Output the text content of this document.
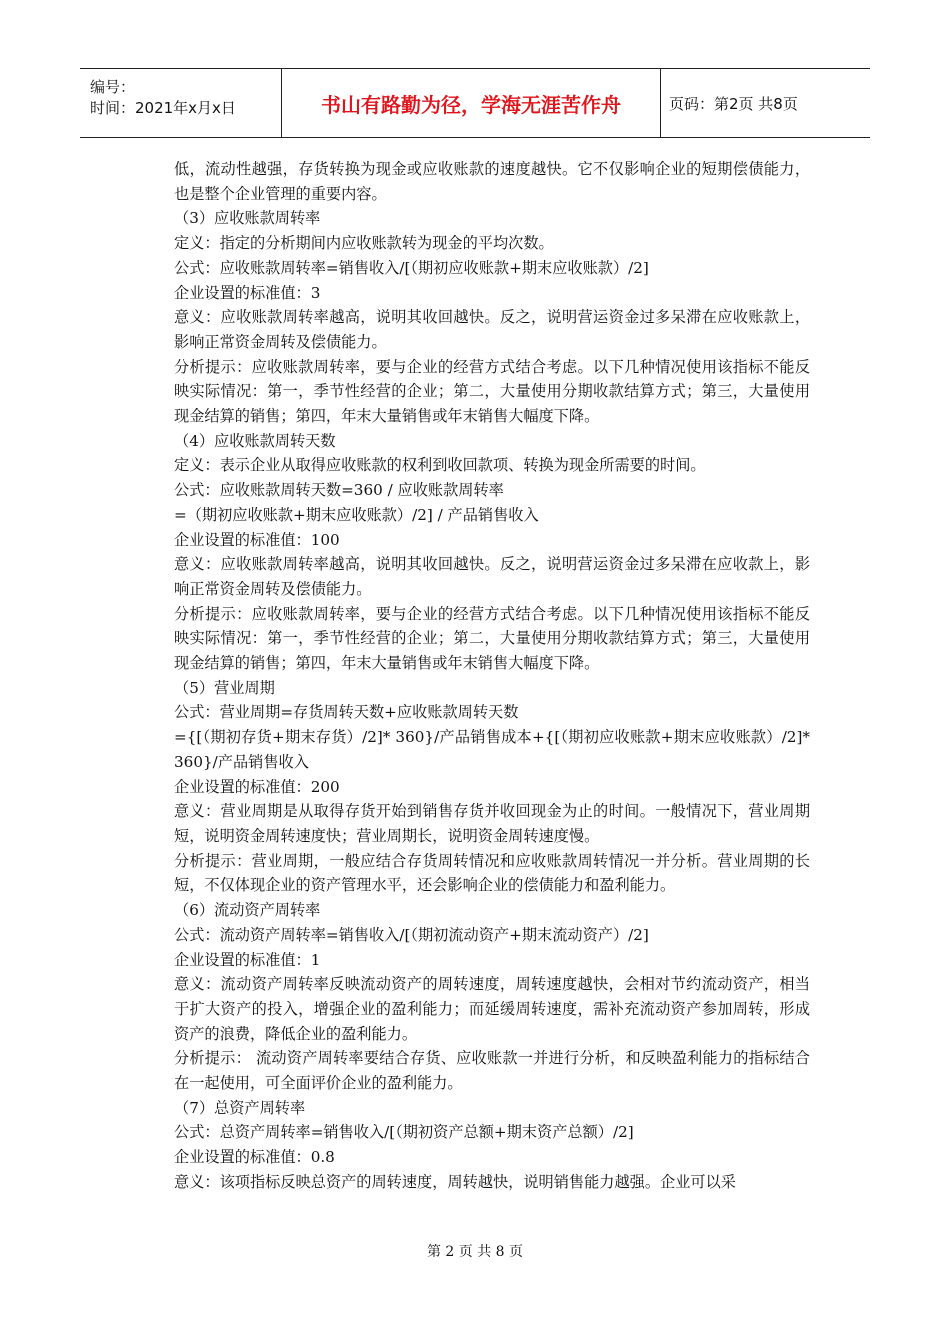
编号：
时间：2021年x月x日	书山有路勤为径，学海无涯苦作舟	页码：第2页 共8页

低，流动性越强，存货转换为现金或应收账款的速度越快。它不仅影响企业的短期偿债能力，也是整个企业管理的重要内容。

（3）应收账款周转率

定义：指定的分析期间内应收账款转为现金的平均次数。

公式：应收账款周转率=销售收入/[（期初应收账款+期末应收账款）/2]

企业设置的标准值：3

意义：应收账款周转率越高，说明其收回越快。反之，说明营运资金过多呆滞在应收账款上，影响正常资金周转及偿债能力。

分析提示：应收账款周转率，要与企业的经营方式结合考虑。以下几种情况使用该指标不能反映实际情况：第一，季节性经营的企业；第二，大量使用分期收款结算方式；第三，大量使用现金结算的销售；第四，年末大量销售或年末销售大幅度下降。

（4）应收账款周转天数

定义：表示企业从取得应收账款的权利到收回款项、转换为现金所需要的时间。

公式：应收账款周转天数=360 / 应收账款周转率

=（期初应收账款+期末应收账款）/2] / 产品销售收入

企业设置的标准值：100

意义：应收账款周转率越高，说明其收回越快。反之，说明营运资金过多呆滞在应收款上，影响正常资金周转及偿债能力。

分析提示：应收账款周转率，要与企业的经营方式结合考虑。以下几种情况使用该指标不能反映实际情况：第一，季节性经营的企业；第二，大量使用分期收款结算方式；第三，大量使用现金结算的销售；第四，年末大量销售或年末销售大幅度下降。

（5）营业周期

公式：营业周期=存货周转天数+应收账款周转天数

={[（期初存货+期末存货）/2]* 360}/产品销售成本+{[（期初应收账款+期末应收账款）/2]* 360}/产品销售收入

企业设置的标准值：200

意义：营业周期是从取得存货开始到销售存货并收回现金为止的时间。一般情况下，营业周期短，说明资金周转速度快；营业周期长，说明资金周转速度慢。

分析提示：营业周期，一般应结合存货周转情况和应收账款周转情况一并分析。营业周期的长短，不仅体现企业的资产管理水平，还会影响企业的偿债能力和盈利能力。

（6）流动资产周转率

公式：流动资产周转率=销售收入/[（期初流动资产+期末流动资产）/2]

企业设置的标准值：1

意义：流动资产周转率反映流动资产的周转速度，周转速度越快，会相对节约流动资产，相当于扩大资产的投入，增强企业的盈利能力；而延缓周转速度，需补充流动资产参加周转，形成资产的浪费，降低企业的盈利能力。

分析提示： 流动资产周转率要结合存货、应收账款一并进行分析，和反映盈利能力的指标结合在一起使用，可全面评价企业的盈利能力。

（7）总资产周转率

公式：总资产周转率=销售收入/[（期初资产总额+期末资产总额）/2]

企业设置的标准值：0.8

意义：该项指标反映总资产的周转速度，周转越快，说明销售能力越强。企业可以采

第 2 页 共 8 页
